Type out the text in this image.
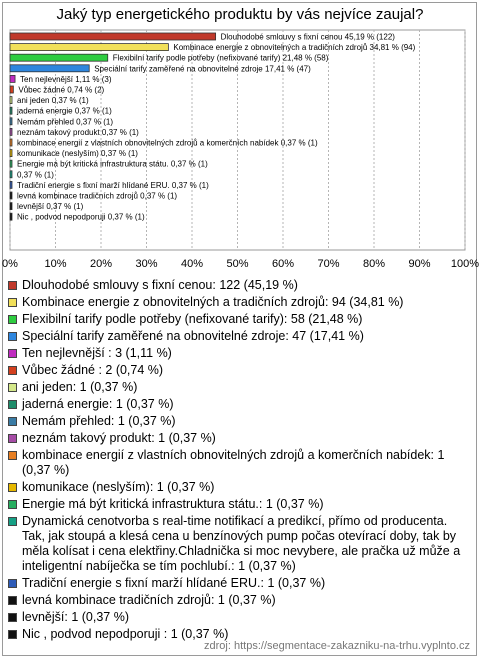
Jaký typ energetického produktu by vás nejvíce zaujal?
0% 10% 20% 30% 40% 50% 60% 70% 80% 90% 100%
Dlouhodobé smlouvy s fixní cenou 45,19 % (122)
Kombinace energie z obnovitelných a tradičních zdrojů 34,81 % (94)
Flexibilní tarify podle potřeby (nefixované tarify) 21,48 % (58)
Speciální tarify zaměřené na obnovitelné zdroje 17,41 % (47)
Ten nejlevnější 1,11 % (3)
Vůbec žádné 0,74 % (2)
ani jeden 0,37 % (1)
jaderná energie 0,37 % (1)
Nemám přehled 0,37 % (1)
neznám takový produkt 0,37 % (1)
kombinace energií z vlastních obnovitelných zdrojů a komerčních nabídek 0,37 % (1)
komunikace (neslyším) 0,37 % (1)
Energie má být kritická infrastruktura státu. 0,37 % (1)
0,37 % (1)
Tradiční energie s fixní marží hlídané ERU. 0,37 % (1)
levná kombinace tradičních zdrojů 0,37 % (1)
levnější 0,37 % (1)
Nic , podvod nepodporuji 0,37 % (1)
Dlouhodobé smlouvy s fixní cenou: 122 (45,19 %)
Kombinace energie z obnovitelných a tradičních zdrojů: 94 (34,81 %)
Flexibilní tarify podle potřeby (nefixované tarify): 58 (21,48 %)
Speciální tarify zaměřené na obnovitelné zdroje: 47 (17,41 %)
Ten nejlevnější : 3 (1,11 %)
Vůbec žádné : 2 (0,74 %)
ani jeden: 1 (0,37 %)
jaderná energie: 1 (0,37 %)
Nemám přehled: 1 (0,37 %)
neznám takový produkt: 1 (0,37 %)
kombinace energií z vlastních obnovitelných zdrojů a komerčních nabídek: 1 (0,37 %)
komunikace (neslyším): 1 (0,37 %)
Energie má být kritická infrastruktura státu.: 1 (0,37 %)
Dynamická cenotvorba s real-time notifikací a predikcí, přímo od producenta. Tak, jak stoupá a klesá cena u benzínových pump počas otevírací doby, tak by měla kolísat i cena elektřiny.Chladnička si moc nevybere, ale pračka už může a inteligentní nabíječka se tím pochlubí.: 1 (0,37 %)
Tradiční energie s fixní marží hlídané ERU.: 1 (0,37 %)
levná kombinace tradičních zdrojů: 1 (0,37 %)
levnější: 1 (0,37 %)
Nic , podvod nepodporuji : 1 (0,37 %)
zdroj: https://segmentace-zakazniku-na-trhu.vyplnto.cz
